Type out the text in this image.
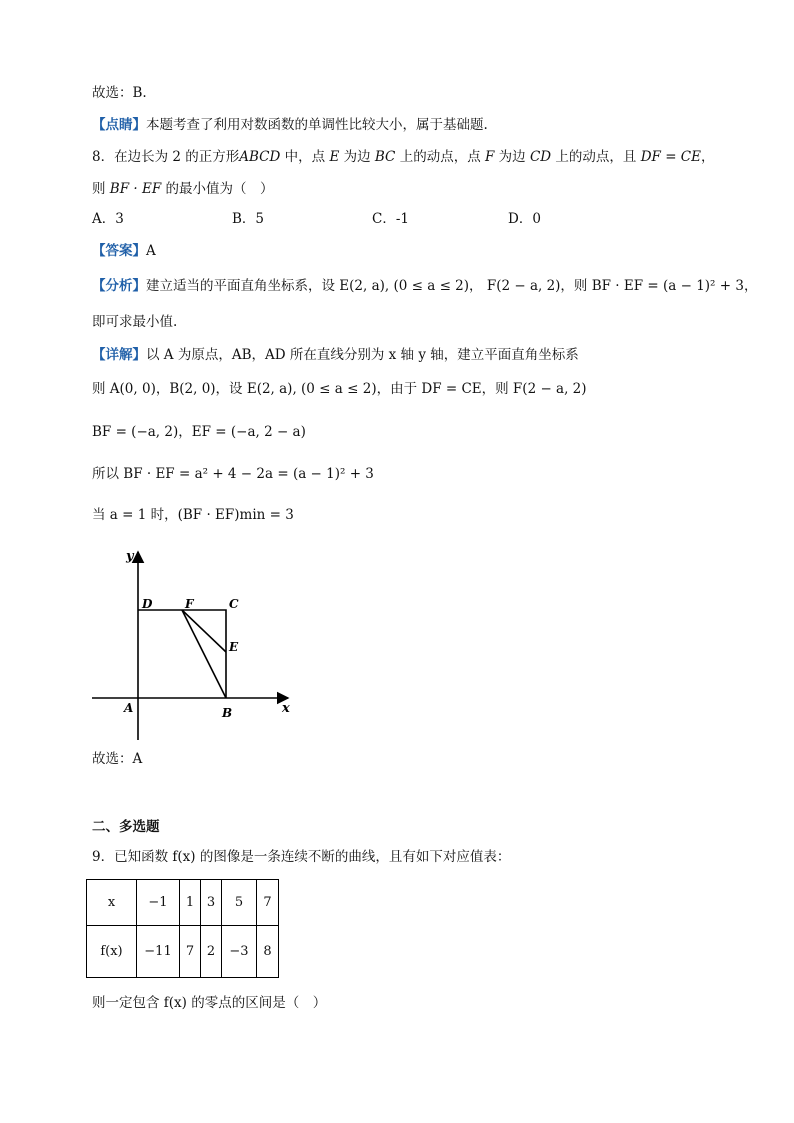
故选：B.
【点睛】本题考查了利用对数函数的单调性比较大小，属于基础题.
8．在边长为 2 的正方形ABCD 中，点 E 为边 BC 上的动点，点 F 为边 CD 上的动点，且 DF = CE，
则 BF · EF 的最小值为（　）
A．3	B．5	C．-1	D．0
【答案】A
【分析】建立适当的平面直角坐标系，设 E(2, a), (0 ≤ a ≤ 2)， F(2 − a, 2)，则 BF · EF = (a − 1)² + 3，
即可求最小值.
【详解】以 A 为原点，AB，AD 所在直线分别为 x 轴 y 轴，建立平面直角坐标系
则 A(0, 0)，B(2, 0)，设 E(2, a), (0 ≤ a ≤ 2)，由于 DF = CE，则 F(2 − a, 2)
BF = (−a, 2)，EF = (−a, 2 − a)
所以 BF · EF = a² + 4 − 2a = (a − 1)² + 3
当 a = 1 时，(BF · EF)min = 3
y
x
D	F	C
E
A	B
故选：A
二、多选题
9．已知函数 f(x) 的图像是一条连续不断的曲线，且有如下对应值表：
x	−1	1	3	5	7
f(x)	−11	7	2	−3	8
则一定包含 f(x) 的零点的区间是（　）
